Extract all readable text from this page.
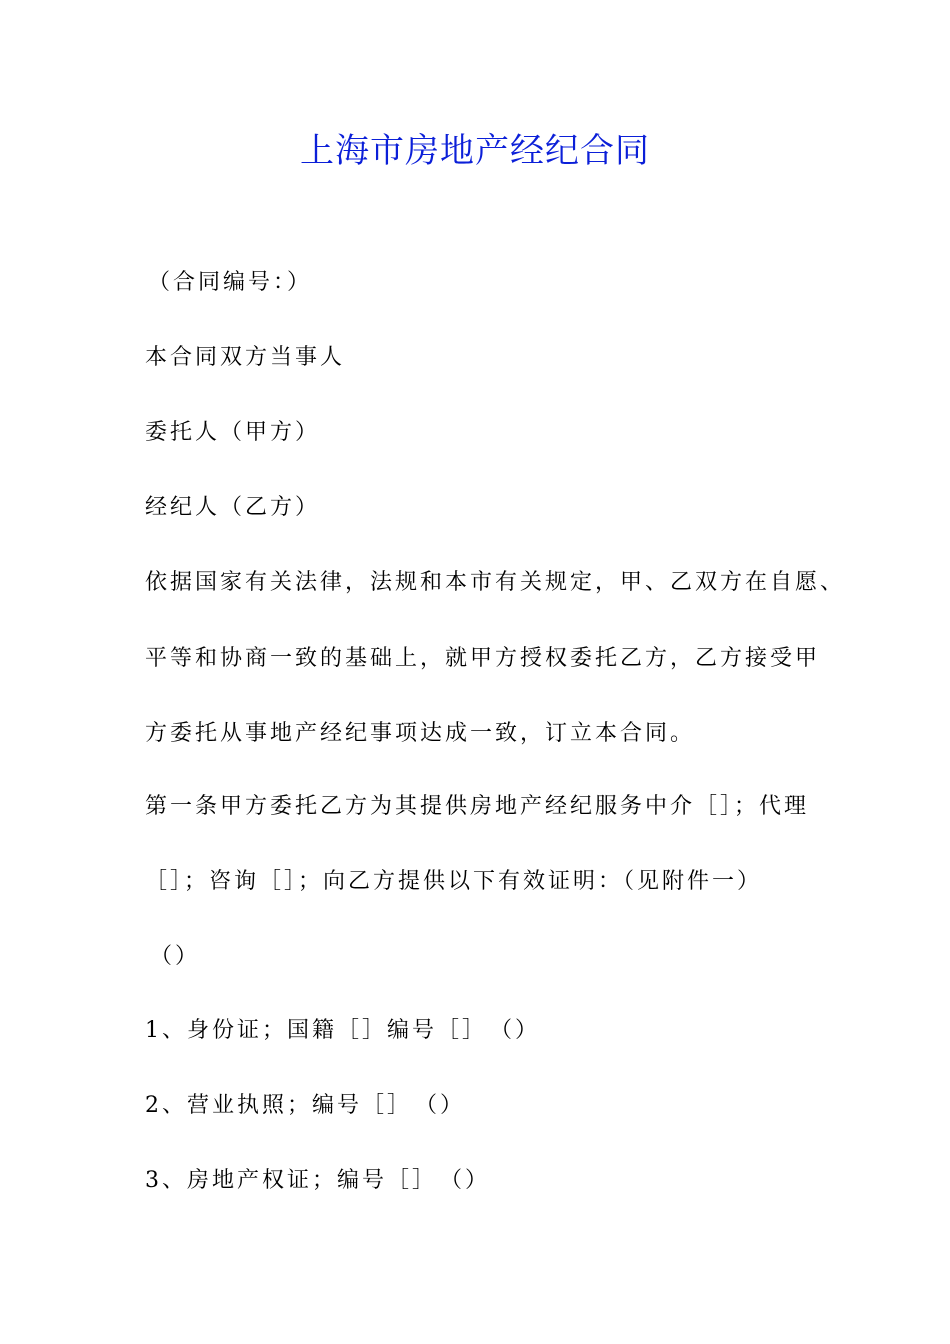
上海市房地产经纪合同

（合同编号：）

本合同双方当事人

委托人（甲方）

经纪人（乙方）

依据国家有关法律，法规和本市有关规定，甲、乙双方在自愿、

平等和协商一致的基础上，就甲方授权委托乙方，乙方接受甲

方委托从事地产经纪事项达成一致，订立本合同。

第一条甲方委托乙方为其提供房地产经纪服务中介［］；代理

［］；咨询［］；向乙方提供以下有效证明：（见附件一）

（）

1、身份证；国籍［］编号［］　（）

2、营业执照；编号［］　（）

3、房地产权证；编号［］　（）
